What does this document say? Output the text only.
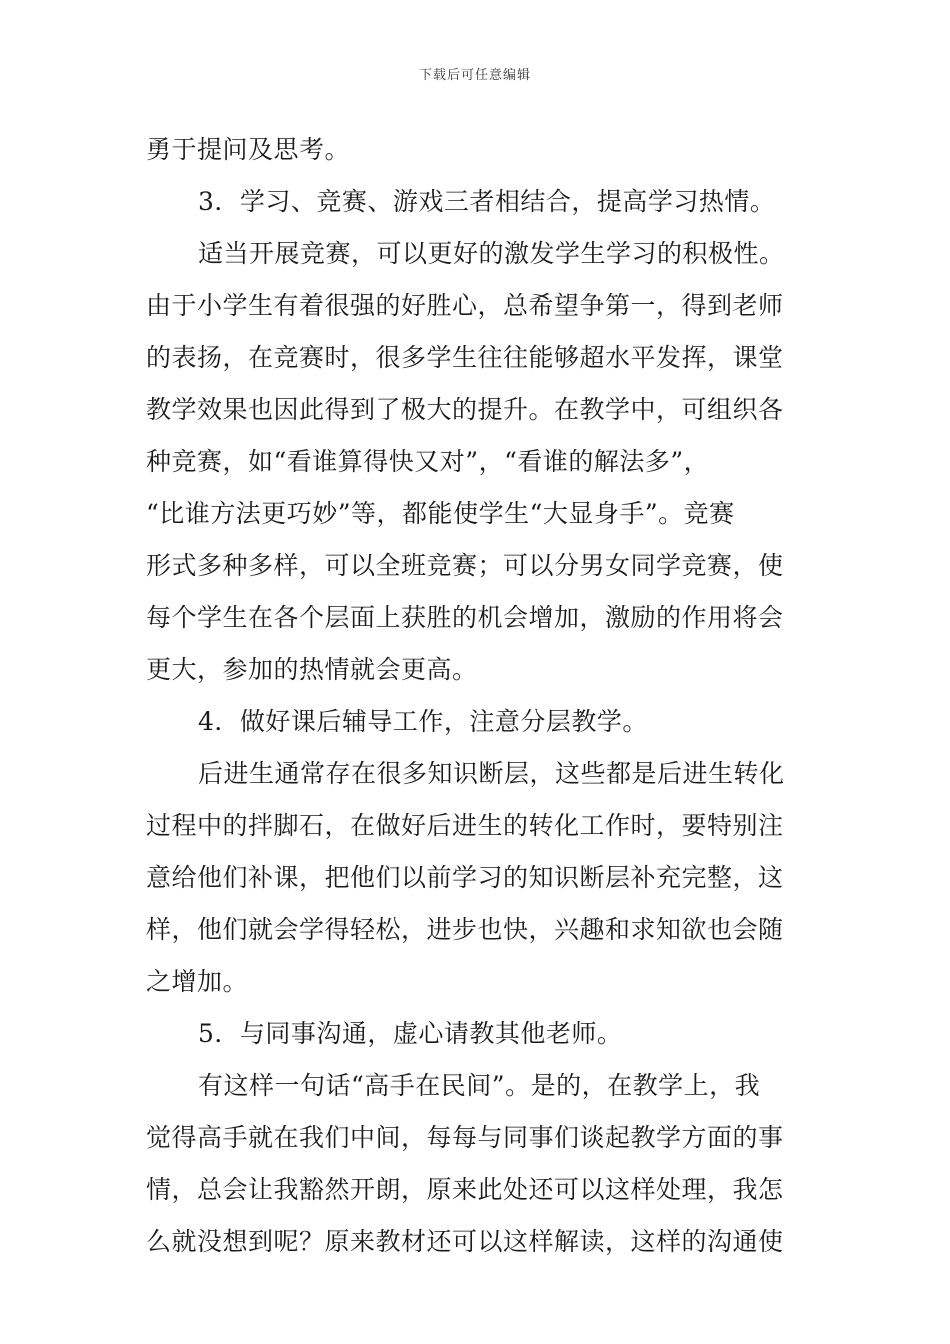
下载后可任意编辑
勇于提问及思考。
3．学习、竞赛、游戏三者相结合，提高学习热情。
适当开展竞赛，可以更好的激发学生学习的积极性。
由于小学生有着很强的好胜心，总希望争第一，得到老师
的表扬，在竞赛时，很多学生往往能够超水平发挥，课堂
教学效果也因此得到了极大的提升。在教学中，可组织各
种竞赛，如“看谁算得快又对”，“看谁的解法多”，
“比谁方法更巧妙”等，都能使学生“大显身手”。竞赛
形式多种多样，可以全班竞赛；可以分男女同学竞赛，使
每个学生在各个层面上获胜的机会增加，激励的作用将会
更大，参加的热情就会更高。
4．做好课后辅导工作，注意分层教学。
后进生通常存在很多知识断层，这些都是后进生转化
过程中的拌脚石，在做好后进生的转化工作时，要特别注
意给他们补课，把他们以前学习的知识断层补充完整，这
样，他们就会学得轻松，进步也快，兴趣和求知欲也会随
之增加。
5．与同事沟通，虚心请教其他老师。
有这样一句话“高手在民间”。是的，在教学上，我
觉得高手就在我们中间，每每与同事们谈起教学方面的事
情，总会让我豁然开朗，原来此处还可以这样处理，我怎
么就没想到呢？原来教材还可以这样解读，这样的沟通使
